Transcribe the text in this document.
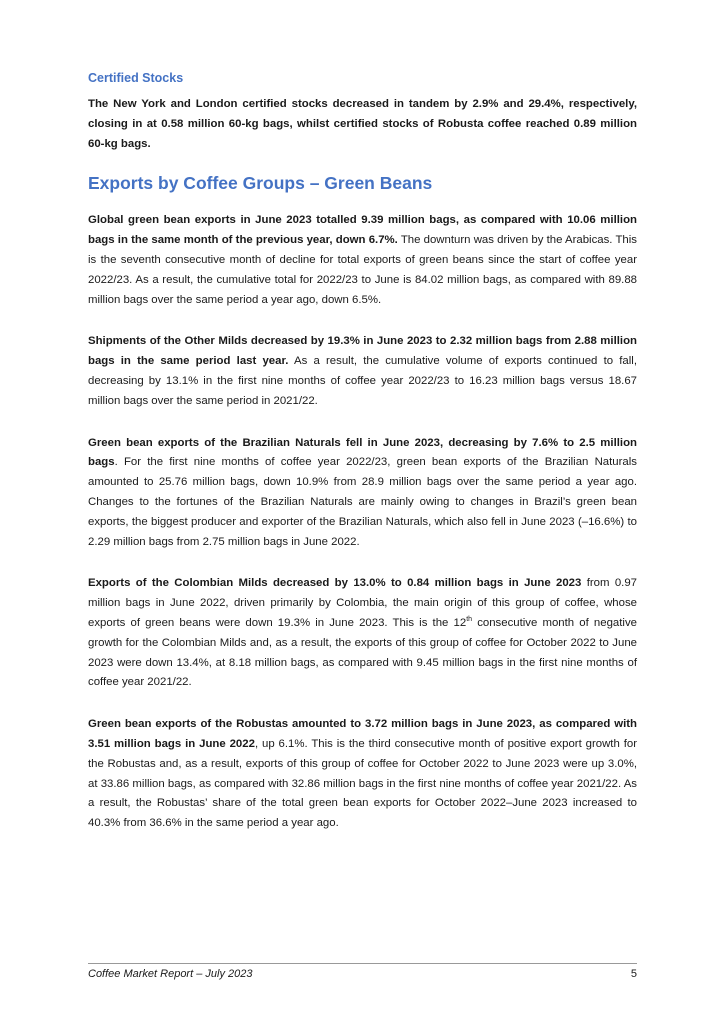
Certified Stocks

The New York and London certified stocks decreased in tandem by 2.9% and 29.4%, respectively, closing in at 0.58 million 60-kg bags, whilst certified stocks of Robusta coffee reached 0.89 million 60-kg bags.

Exports by Coffee Groups – Green Beans

Global green bean exports in June 2023 totalled 9.39 million bags, as compared with 10.06 million bags in the same month of the previous year, down 6.7%. The downturn was driven by the Arabicas. This is the seventh consecutive month of decline for total exports of green beans since the start of coffee year 2022/23. As a result, the cumulative total for 2022/23 to June is 84.02 million bags, as compared with 89.88 million bags over the same period a year ago, down 6.5%.

Shipments of the Other Milds decreased by 19.3% in June 2023 to 2.32 million bags from 2.88 million bags in the same period last year. As a result, the cumulative volume of exports continued to fall, decreasing by 13.1% in the first nine months of coffee year 2022/23 to 16.23 million bags versus 18.67 million bags over the same period in 2021/22.

Green bean exports of the Brazilian Naturals fell in June 2023, decreasing by 7.6% to 2.5 million bags. For the first nine months of coffee year 2022/23, green bean exports of the Brazilian Naturals amounted to 25.76 million bags, down 10.9% from 28.9 million bags over the same period a year ago. Changes to the fortunes of the Brazilian Naturals are mainly owing to changes in Brazil’s green bean exports, the biggest producer and exporter of the Brazilian Naturals, which also fell in June 2023 (–16.6%) to 2.29 million bags from 2.75 million bags in June 2022.

Exports of the Colombian Milds decreased by 13.0% to 0.84 million bags in June 2023 from 0.97 million bags in June 2022, driven primarily by Colombia, the main origin of this group of coffee, whose exports of green beans were down 19.3% in June 2023. This is the 12th consecutive month of negative growth for the Colombian Milds and, as a result, the exports of this group of coffee for October 2022 to June 2023 were down 13.4%, at 8.18 million bags, as compared with 9.45 million bags in the first nine months of coffee year 2021/22.

Green bean exports of the Robustas amounted to 3.72 million bags in June 2023, as compared with 3.51 million bags in June 2022, up 6.1%. This is the third consecutive month of positive export growth for the Robustas and, as a result, exports of this group of coffee for October 2022 to June 2023 were up 3.0%, at 33.86 million bags, as compared with 32.86 million bags in the first nine months of coffee year 2021/22. As a result, the Robustas’ share of the total green bean exports for October 2022–June 2023 increased to 40.3% from 36.6% in the same period a year ago.

Coffee Market Report – July 2023	5
